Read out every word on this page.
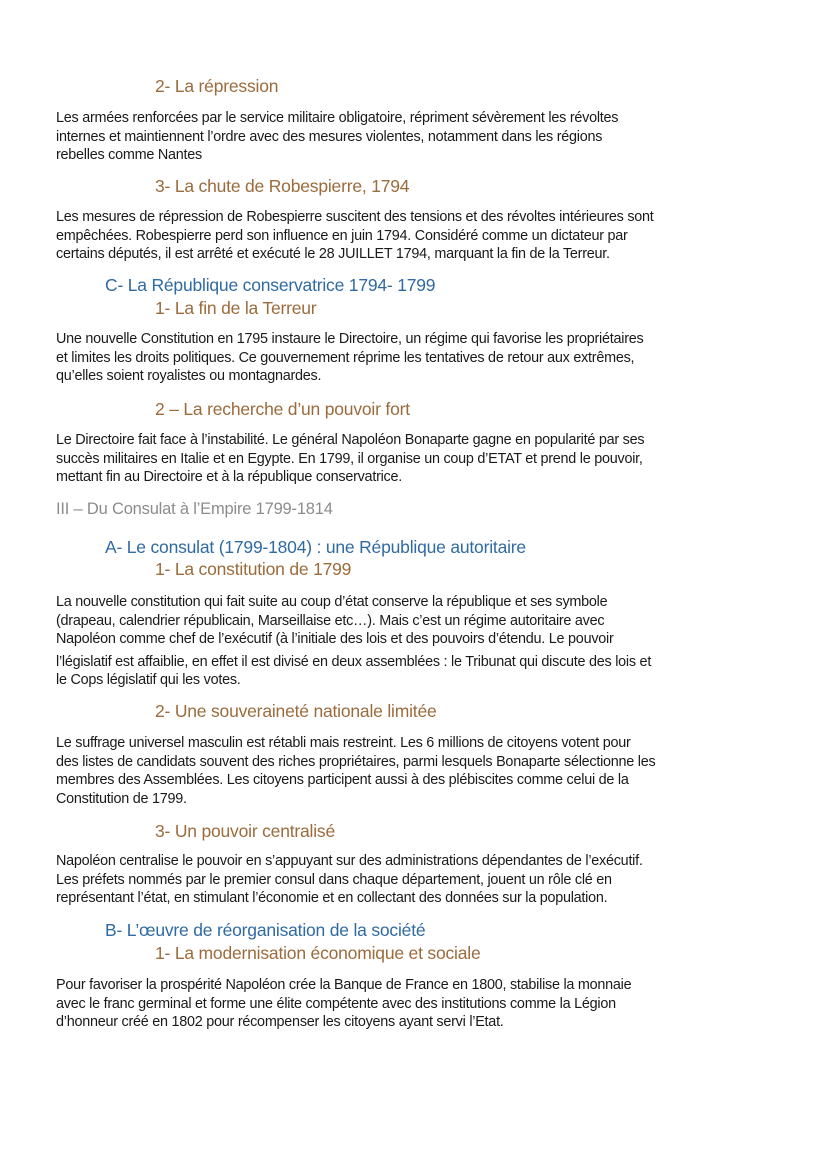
2- La répression
Les armées renforcées par le service militaire obligatoire, répriment sévèrement les révoltes
internes et maintiennent l’ordre avec des mesures violentes, notamment dans les régions
rebelles comme Nantes
3- La chute de Robespierre, 1794
Les mesures de répression de Robespierre suscitent des tensions et des révoltes intérieures sont
empêchées. Robespierre perd son influence en juin 1794. Considéré comme un dictateur par
certains députés, il est arrêté et exécuté le 28 JUILLET 1794, marquant la fin de la Terreur.
C- La République conservatrice 1794- 1799
1- La fin de la Terreur
Une nouvelle Constitution en 1795 instaure le Directoire, un régime qui favorise les propriétaires
et limites les droits politiques. Ce gouvernement réprime les tentatives de retour aux extrêmes,
qu’elles soient royalistes ou montagnardes.
2 – La recherche d’un pouvoir fort
Le Directoire fait face à l’instabilité. Le général Napoléon Bonaparte gagne en popularité par ses
succès militaires en Italie et en Egypte. En 1799, il organise un coup d’ETAT et prend le pouvoir,
mettant fin au Directoire et à la république conservatrice.
III – Du Consulat à l’Empire 1799-1814
A- Le consulat (1799-1804) : une République autoritaire
1- La constitution de 1799
La nouvelle constitution qui fait suite au coup d’état conserve la république et ses symbole
(drapeau, calendrier républicain, Marseillaise etc…). Mais c’est un régime autoritaire avec
Napoléon comme chef de l’exécutif (à l’initiale des lois et des pouvoirs d’étendu. Le pouvoir
l’législatif est affaiblie, en effet il est divisé en deux assemblées : le Tribunat qui discute des lois et
le Cops législatif qui les votes.
2- Une souveraineté nationale limitée
Le suffrage universel masculin est rétabli mais restreint. Les 6 millions de citoyens votent pour
des listes de candidats souvent des riches propriétaires, parmi lesquels Bonaparte sélectionne les
membres des Assemblées. Les citoyens participent aussi à des plébiscites comme celui de la
Constitution de 1799.
3- Un pouvoir centralisé
Napoléon centralise le pouvoir en s’appuyant sur des administrations dépendantes de l’exécutif.
Les préfets nommés par le premier consul dans chaque département, jouent un rôle clé en
représentant l’état, en stimulant l’économie et en collectant des données sur la population.
B- L’œuvre de réorganisation de la société
1- La modernisation économique et sociale
Pour favoriser la prospérité Napoléon crée la Banque de France en 1800, stabilise la monnaie
avec le franc germinal et forme une élite compétente avec des institutions comme la Légion
d’honneur créé en 1802 pour récompenser les citoyens ayant servi l’Etat.
